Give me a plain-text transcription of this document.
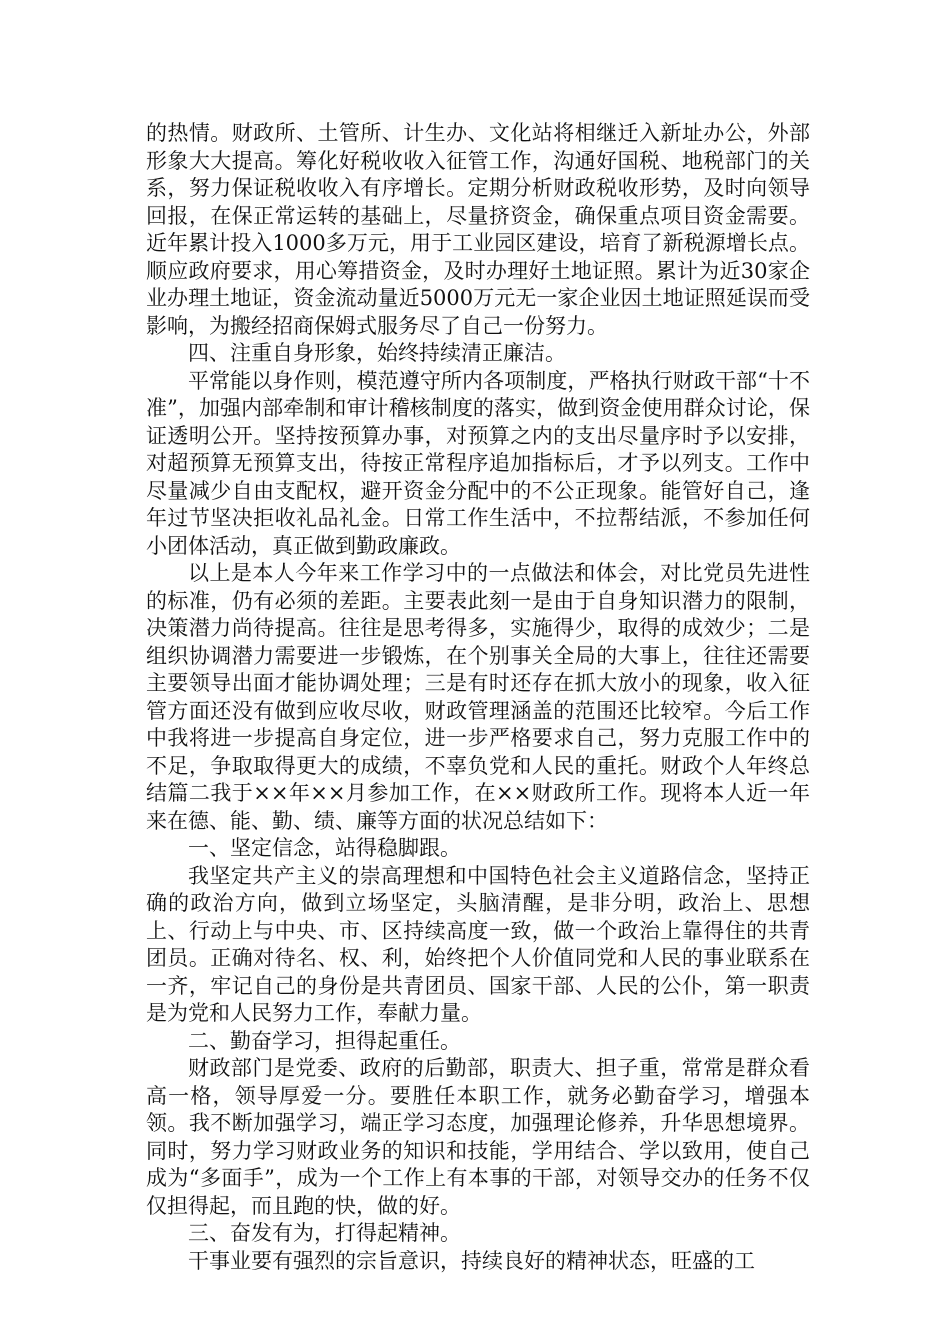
的热情。财政所、土管所、计生办、文化站将相继迁入新址办公，外部形象大大提高。筹化好税收收入征管工作，沟通好国税、地税部门的关系，努力保证税收收入有序增长。定期分析财政税收形势，及时向领导回报，在保正常运转的基础上，尽量挤资金，确保重点项目资金需要。近年累计投入1000多万元，用于工业园区建设，培育了新税源增长点。顺应政府要求，用心筹措资金，及时办理好土地证照。累计为近30家企业办理土地证，资金流动量近5000万元无一家企业因土地证照延误而受影响，为搬经招商保姆式服务尽了自己一份努力。

四、注重自身形象，始终持续清正廉洁。

平常能以身作则，模范遵守所内各项制度，严格执行财政干部“十不准”，加强内部牵制和审计稽核制度的落实，做到资金使用群众讨论，保证透明公开。坚持按预算办事，对预算之内的支出尽量序时予以安排，对超预算无预算支出，待按正常程序追加指标后，才予以列支。工作中尽量减少自由支配权，避开资金分配中的不公正现象。能管好自己，逢年过节坚决拒收礼品礼金。日常工作生活中，不拉帮结派，不参加任何小团体活动，真正做到勤政廉政。

以上是本人今年来工作学习中的一点做法和体会，对比党员先进性的标准，仍有必须的差距。主要表此刻一是由于自身知识潜力的限制，决策潜力尚待提高。往往是思考得多，实施得少，取得的成效少；二是组织协调潜力需要进一步锻炼，在个别事关全局的大事上，往往还需要主要领导出面才能协调处理；三是有时还存在抓大放小的现象，收入征管方面还没有做到应收尽收，财政管理涵盖的范围还比较窄。今后工作中我将进一步提高自身定位，进一步严格要求自己，努力克服工作中的不足，争取取得更大的成绩，不辜负党和人民的重托。财政个人年终总结篇二我于××年××月参加工作，在××财政所工作。现将本人近一年来在德、能、勤、绩、廉等方面的状况总结如下：

一、坚定信念，站得稳脚跟。

我坚定共产主义的崇高理想和中国特色社会主义道路信念，坚持正确的政治方向，做到立场坚定，头脑清醒，是非分明，政治上、思想上、行动上与中央、市、区持续高度一致，做一个政治上靠得住的共青团员。正确对待名、权、利，始终把个人价值同党和人民的事业联系在一齐，牢记自己的身份是共青团员、国家干部、人民的公仆，第一职责是为党和人民努力工作，奉献力量。

二、勤奋学习，担得起重任。

财政部门是党委、政府的后勤部，职责大、担子重，常常是群众看高一格，领导厚爱一分。要胜任本职工作，就务必勤奋学习，增强本领。我不断加强学习，端正学习态度，加强理论修养，升华思想境界。同时，努力学习财政业务的知识和技能，学用结合、学以致用，使自己成为“多面手”，成为一个工作上有本事的干部，对领导交办的任务不仅仅担得起，而且跑的快，做的好。

三、奋发有为，打得起精神。

干事业要有强烈的宗旨意识，持续良好的精神状态，旺盛的工
